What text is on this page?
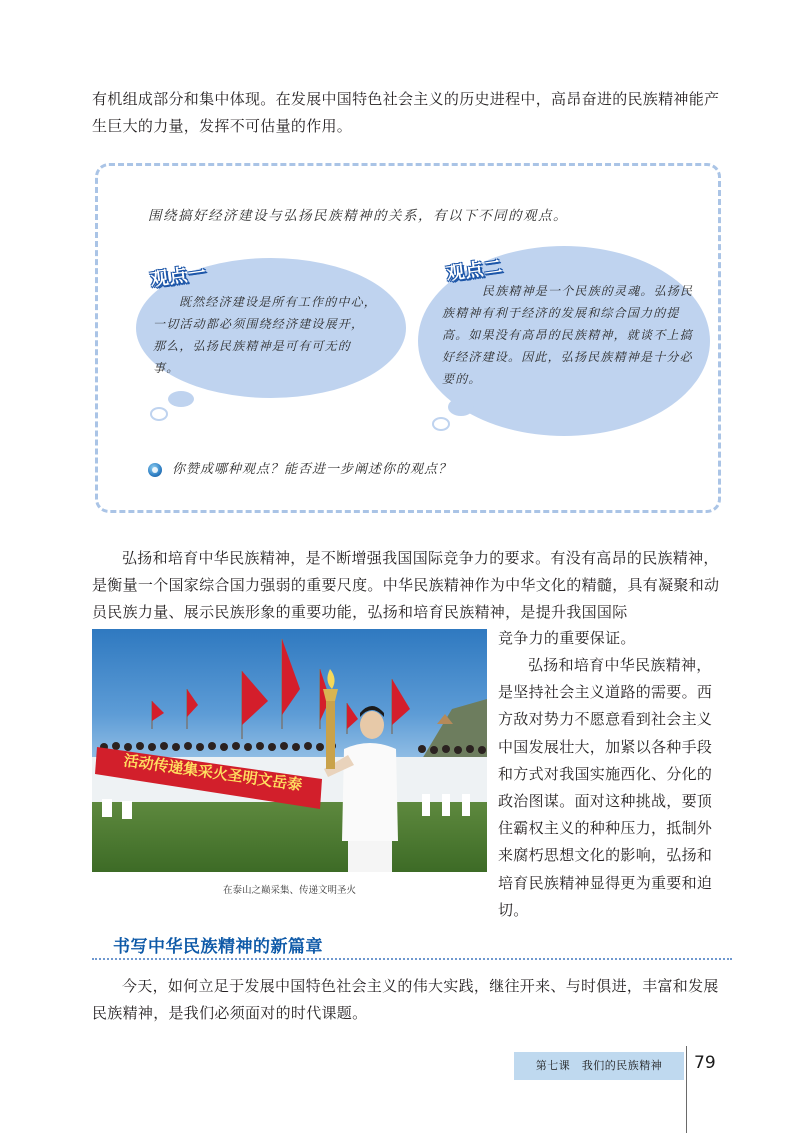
有机组成部分和集中体现。在发展中国特色社会主义的历史进程中，高昂奋进的民族精神能产生巨大的力量，发挥不可估量的作用。

围绕搞好经济建设与弘扬民族精神的关系，有以下不同的观点。
观点一	观点二

既然经济建设是所有工作的中心，一切活动都必须围绕经济建设展开，那么，弘扬民族精神是可有可无的事。

民族精神是一个民族的灵魂。弘扬民族精神有利于经济的发展和综合国力的提高。如果没有高昂的民族精神，就谈不上搞好经济建设。因此，弘扬民族精神是十分必要的。

你赞成哪种观点？能否进一步阐述你的观点？

弘扬和培育中华民族精神，是不断增强我国国际竞争力的要求。有没有高昂的民族精神，是衡量一个国家综合国力强弱的重要尺度。中华民族精神作为中华文化的精髓，具有凝聚和动员民族力量、展示民族形象的重要功能，弘扬和培育民族精神，是提升我国国际

竞争力的重要保证。

活动传递集采火圣明文岳泰
在泰山之巅采集、传递文明圣火

弘扬和培育中华民族精神，是坚持社会主义道路的需要。西方敌对势力不愿意看到社会主义中国发展壮大，加紧以各种手段和方式对我国实施西化、分化的政治图谋。面对这种挑战，要顶住霸权主义的种种压力，抵制外来腐朽思想文化的影响，弘扬和培育民族精神显得更为重要和迫切。

书写中华民族精神的新篇章

今天，如何立足于发展中国特色社会主义的伟大实践，继往开来、与时俱进，丰富和发展民族精神，是我们必须面对的时代课题。

第七课　我们的民族精神	79
